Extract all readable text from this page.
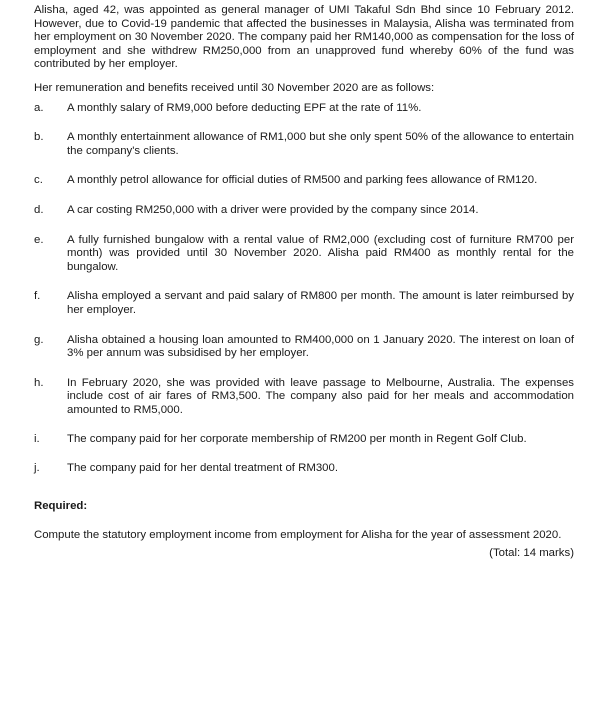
Alisha, aged 42, was appointed as general manager of UMI Takaful Sdn Bhd since 10 February 2012. However, due to Covid-19 pandemic that affected the businesses in Malaysia, Alisha was terminated from her employment on 30 November 2020. The company paid her RM140,000 as compensation for the loss of employment and she withdrew RM250,000 from an unapproved fund whereby 60% of the fund was contributed by her employer.

Her remuneration and benefits received until 30 November 2020 are as follows:

a.	A monthly salary of RM9,000 before deducting EPF at the rate of 11%.
b.	A monthly entertainment allowance of RM1,000 but she only spent 50% of the allowance to entertain the company's clients.
c.	A monthly petrol allowance for official duties of RM500 and parking fees allowance of RM120.
d.	A car costing RM250,000 with a driver were provided by the company since 2014.
e.	A fully furnished bungalow with a rental value of RM2,000 (excluding cost of furniture RM700 per month) was provided until 30 November 2020. Alisha paid RM400 as monthly rental for the bungalow.
f.	Alisha employed a servant and paid salary of RM800 per month. The amount is later reimbursed by her employer.
g.	Alisha obtained a housing loan amounted to RM400,000 on 1 January 2020. The interest on loan of 3% per annum was subsidised by her employer.
h.	In February 2020, she was provided with leave passage to Melbourne, Australia. The expenses include cost of air fares of RM3,500. The company also paid for her meals and accommodation amounted to RM5,000.
i.	The company paid for her corporate membership of RM200 per month in Regent Golf Club.
j.	The company paid for her dental treatment of RM300.

Required:

Compute the statutory employment income from employment for Alisha for the year of assessment 2020.

(Total: 14 marks)
